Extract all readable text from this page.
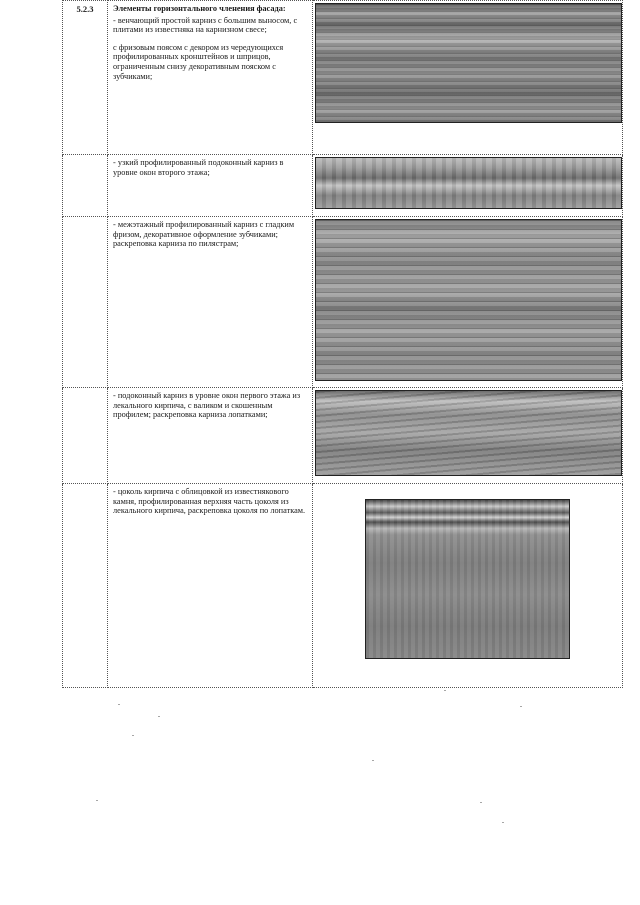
5.2.3	Элементы горизонтального членения фасада:
- венчающий простой карниз с большим выносом, с плитами из известняка на карнизном свесе;
с фризовым поясом с декором из чередующихся профилированных кронштейнов и шприцов, ограниченным снизу декоративным пояском с зубчиками;	

	- узкий профилированный подоконный карниз в уровне окон второго этажа;	

	- межэтажный профилированный карниз с гладким фризом, декоративное оформление зубчиками; раскреповка карниза по пилястрам;	

	- подоконный карниз в уровне окон первого этажа из лекального кирпича, с валиком и скошенным профилем; раскреповка карниза лопатками;	

	- цоколь кирпича с облицовкой из известнякового камня, профилированная верхняя часть цоколя из лекального кирпича, раскреповка цоколя по лопаткам.	
